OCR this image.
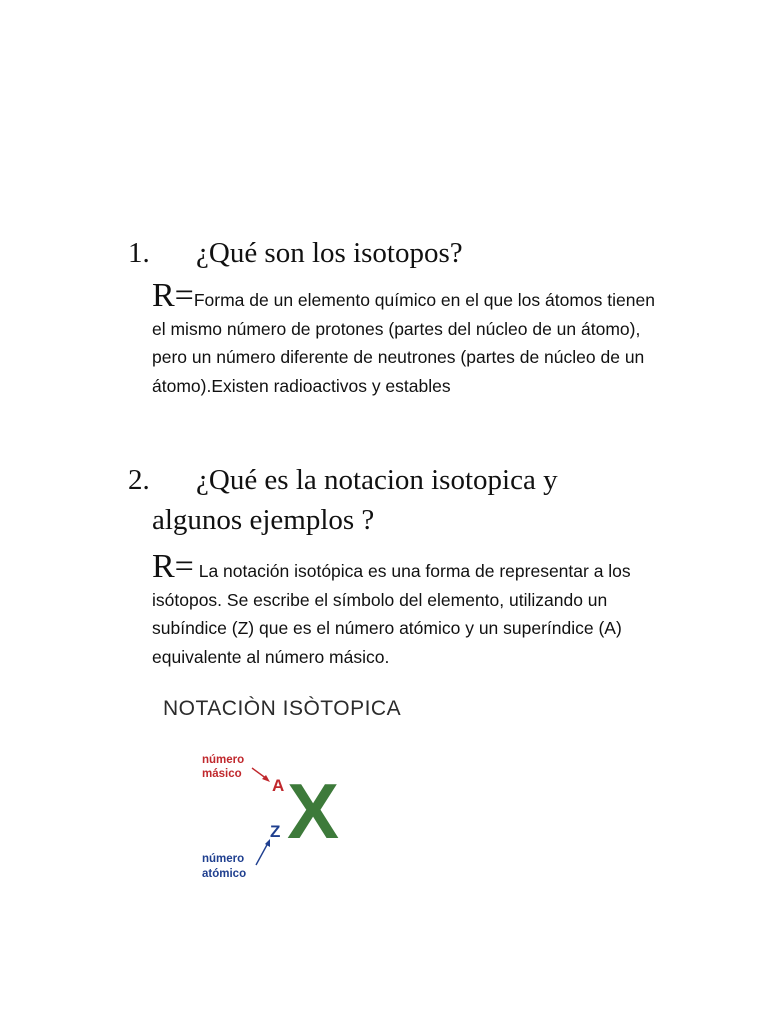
1. ¿Qué son los isotopos?

R=Forma de un elemento químico en el que los átomos tienen el mismo número de protones (partes del núcleo de un átomo), pero un número diferente de neutrones (partes de núcleo de un átomo).Existen radioactivos y estables

2. ¿Qué es la notacion isotopica y
algunos ejemplos ?

R= La notación isotópica es una forma de representar a los isótopos. Se escribe el símbolo del elemento, utilizando un subíndice (Z) que es el número atómico y un superíndice (A) equivalente al número másico.

NOTACIÒN ISÒTOPICA

número
másico
A
Z X
número
atómico
